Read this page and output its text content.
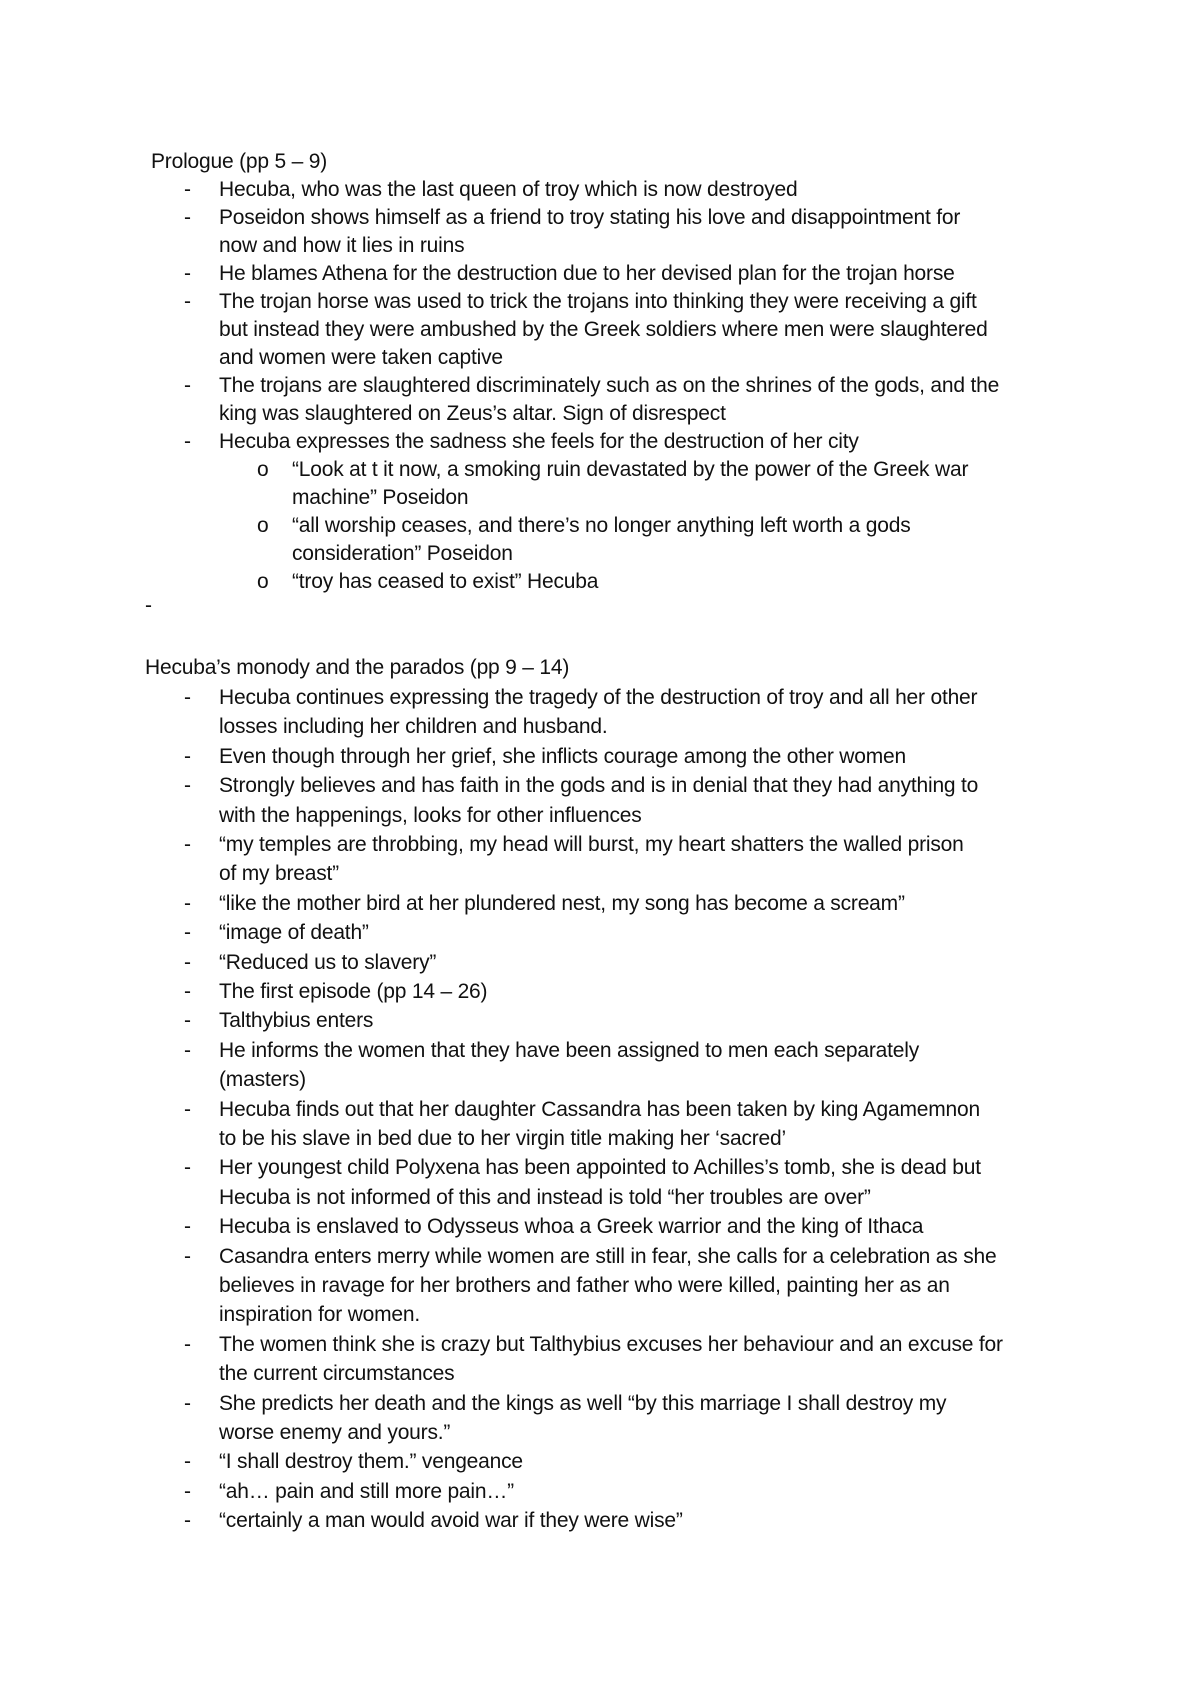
Prologue (pp 5 – 9)
-	Hecuba, who was the last queen of troy which is now destroyed
-	Poseidon shows himself as a friend to troy stating his love and disappointment for
now and how it lies in ruins
-	He blames Athena for the destruction due to her devised plan for the trojan horse
-	The trojan horse was used to trick the trojans into thinking they were receiving a gift
but instead they were ambushed by the Greek soldiers where men were slaughtered
and women were taken captive
-	The trojans are slaughtered discriminately such as on the shrines of the gods, and the
king was slaughtered on Zeus’s altar. Sign of disrespect
-	Hecuba expresses the sadness she feels for the destruction of her city
o “Look at t it now, a smoking ruin devastated by the power of the Greek war
machine” Poseidon
o “all worship ceases, and there’s no longer anything left worth a gods
consideration” Poseidon
o “troy has ceased to exist” Hecuba
-
Hecuba’s monody and the parados (pp 9 – 14)
-	Hecuba continues expressing the tragedy of the destruction of troy and all her other
losses including her children and husband.
-	Even though through her grief, she inflicts courage among the other women
-	Strongly believes and has faith in the gods and is in denial that they had anything to
with the happenings, looks for other influences
-	“my temples are throbbing, my head will burst, my heart shatters the walled prison
of my breast”
-	“like the mother bird at her plundered nest, my song has become a scream”
-	“image of death”
-	“Reduced us to slavery”
-	The first episode (pp 14 – 26)
-	Talthybius enters
-	He informs the women that they have been assigned to men each separately
(masters)
-	Hecuba finds out that her daughter Cassandra has been taken by king Agamemnon
to be his slave in bed due to her virgin title making her ‘sacred’
-	Her youngest child Polyxena has been appointed to Achilles’s tomb, she is dead but
Hecuba is not informed of this and instead is told “her troubles are over”
-	Hecuba is enslaved to Odysseus whoa a Greek warrior and the king of Ithaca
-	Casandra enters merry while women are still in fear, she calls for a celebration as she
believes in ravage for her brothers and father who were killed, painting her as an
inspiration for women.
-	The women think she is crazy but Talthybius excuses her behaviour and an excuse for
the current circumstances
-	She predicts her death and the kings as well “by this marriage I shall destroy my
worse enemy and yours.”
-	“I shall destroy them.” vengeance
-	“ah… pain and still more pain…”
-	“certainly a man would avoid war if they were wise”
